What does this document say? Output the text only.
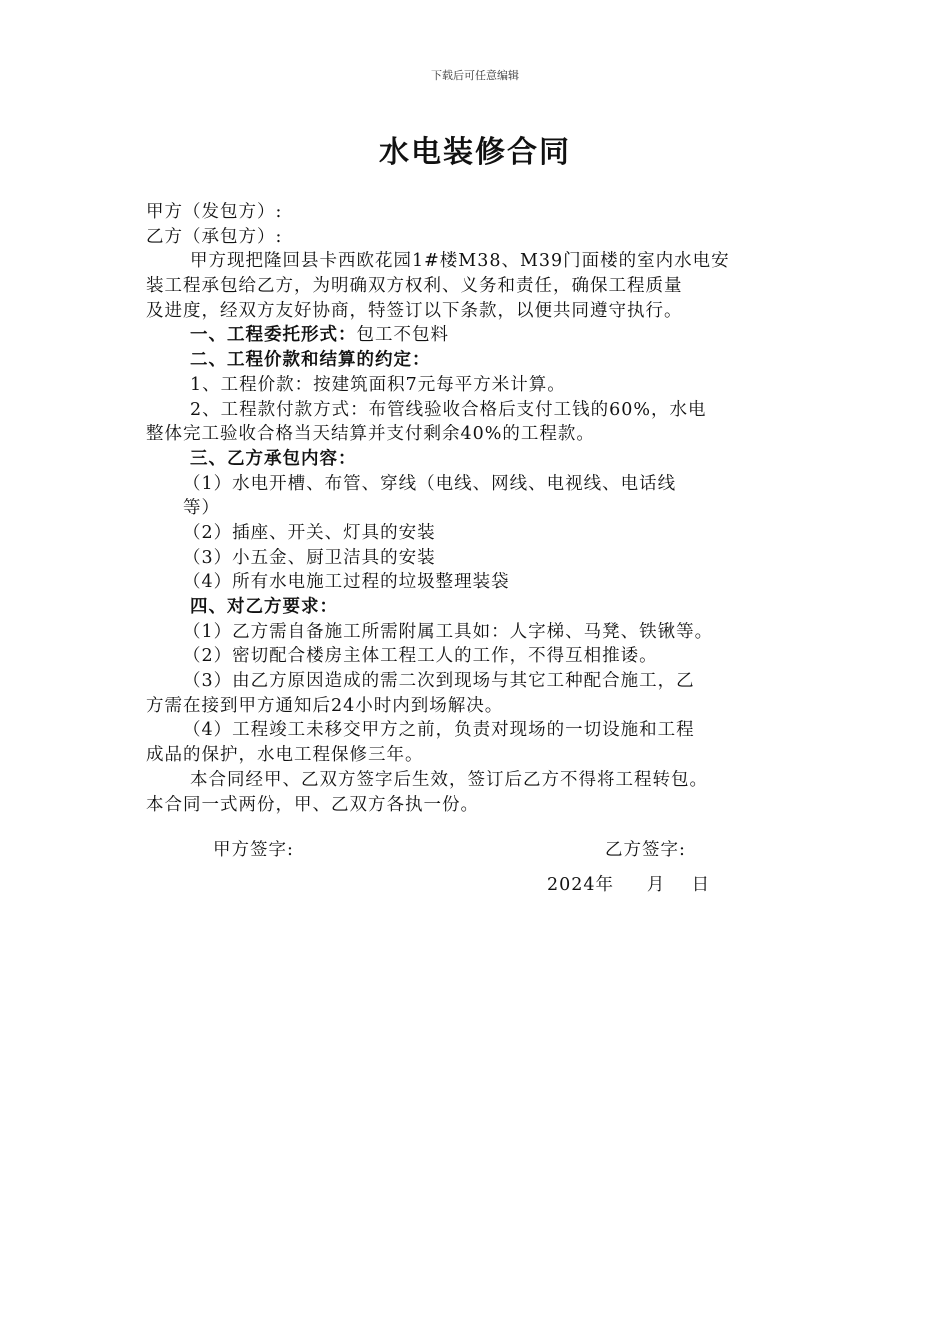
下载后可任意编辑
水电装修合同
甲方（发包方）:
乙方（承包方）:
甲方现把隆回县卡西欧花园1#楼M38、M39门面楼的室内水电安
装工程承包给乙方，为明确双方权利、义务和责任，确保工程质量
及进度，经双方友好协商，特签订以下条款，以便共同遵守执行。
一、工程委托形式：包工不包料
二、工程价款和结算的约定：
1、工程价款：按建筑面积7元每平方米计算。
2、工程款付款方式：布管线验收合格后支付工钱的60%，水电
整体完工验收合格当天结算并支付剩余40%的工程款。
三、乙方承包内容：
（1）水电开槽、布管、穿线（电线、网线、电视线、电话线
等）
（2）插座、开关、灯具的安装
（3）小五金、厨卫洁具的安装
（4）所有水电施工过程的垃圾整理装袋
四、对乙方要求：
（1）乙方需自备施工所需附属工具如：人字梯、马凳、铁锹等。
（2）密切配合楼房主体工程工人的工作，不得互相推诿。
（3）由乙方原因造成的需二次到现场与其它工种配合施工，乙
方需在接到甲方通知后24小时内到场解决。
（4）工程竣工未移交甲方之前，负责对现场的一切设施和工程
成品的保护，水电工程保修三年。
本合同经甲、乙双方签字后生效，签订后乙方不得将工程转包。
本合同一式两份，甲、乙双方各执一份。
甲方签字:	乙方签字:
2024年     月    日
